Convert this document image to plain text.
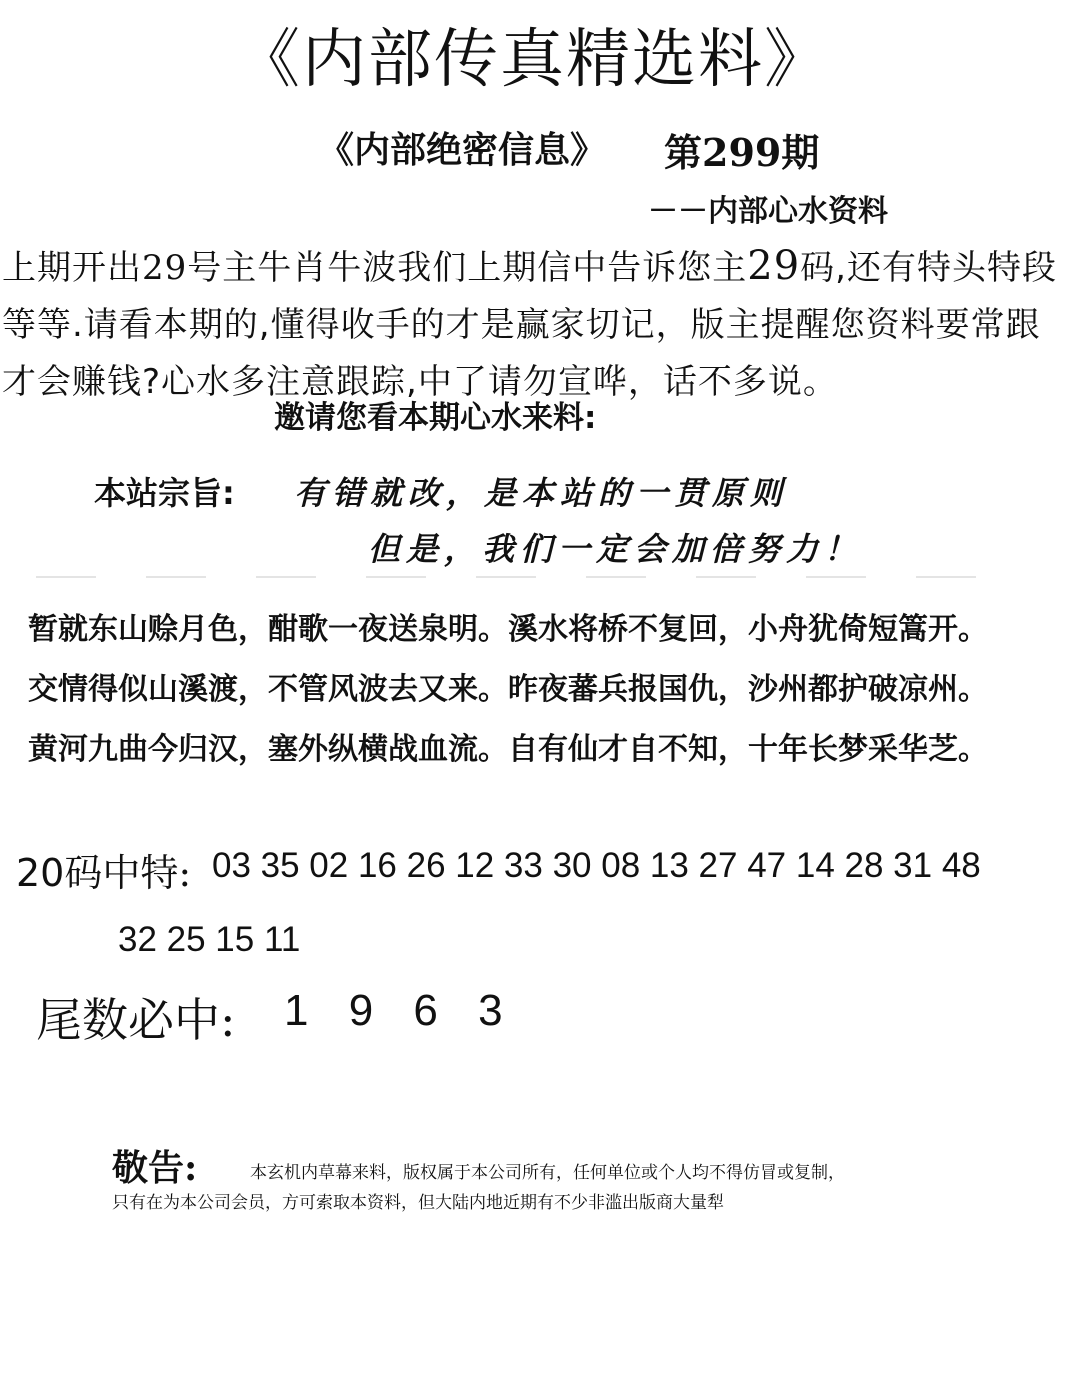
《内部传真精选料》
《内部绝密信息》 第299期
－－内部心水资料
上期开出29号主牛肖牛波我们上期信中告诉您主29码,还有特头特段等等.请看本期的,懂得收手的才是赢家切记，版主提醒您资料要常跟才会赚钱?心水多注意跟踪,中了请勿宣哗，话不多说。
邀请您看本期心水来料:
本站宗旨: 有错就改，是本站的一贯原则
但是，我们一定会加倍努力！
暂就东山赊月色，酣歌一夜送泉明。溪水将桥不复回，小舟犹倚短篙开。
交情得似山溪渡，不管风波去又来。昨夜蕃兵报国仇，沙州都护破凉州。
黄河九曲今归汉，塞外纵横战血流。自有仙才自不知，十年长梦采华芝。
20码中特: 03 35 02 16 26 12 33 30 08 13 27 47 14 28 31 48
32 25 15 11
尾数必中: 1 9 6 3
敬告:	本玄机内草幕来料，版权属于本公司所有，任何单位或个人均不得仿冒或复制，
只有在为本公司会员，方可索取本资料，但大陆内地近期有不少非滥出版商大量犁
